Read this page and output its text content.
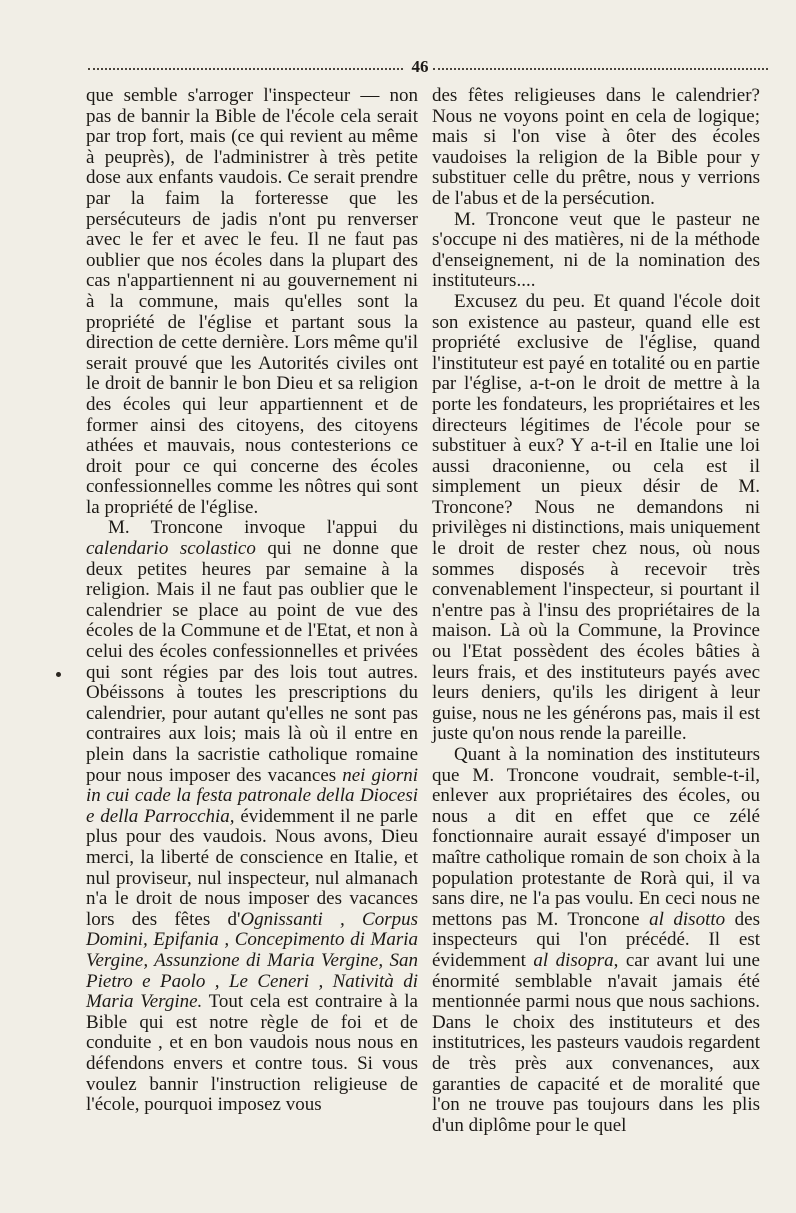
46

que semble s'arroger l'inspecteur — non pas de bannir la Bible de l'école cela serait par trop fort, mais (ce qui revient au même à peuprès), de l'administrer à très petite dose aux enfants vaudois. Ce serait prendre par la faim la forteresse que les persécuteurs de jadis n'ont pu renverser avec le fer et avec le feu. Il ne faut pas oublier que nos écoles dans la plupart des cas n'appartiennent ni au gouvernement ni à la commune, mais qu'elles sont la propriété de l'église et partant sous la direction de cette dernière. Lors même qu'il serait prouvé que les Autorités civiles ont le droit de bannir le bon Dieu et sa religion des écoles qui leur appartiennent et de former ainsi des citoyens, des citoyens athées et mauvais, nous contesterions ce droit pour ce qui concerne des écoles confessionnelles comme les nôtres qui sont la propriété de l'église.

M. Troncone invoque l'appui du calendario scolastico qui ne donne que deux petites heures par semaine à la religion. Mais il ne faut pas oublier que le calendrier se place au point de vue des écoles de la Commune et de l'Etat, et non à celui des écoles confessionnelles et privées qui sont régies par des lois tout autres. Obéissons à toutes les prescriptions du calendrier, pour autant qu'elles ne sont pas contraires aux lois; mais là où il entre en plein dans la sacristie catholique romaine pour nous imposer des vacances nei giorni in cui cade la festa patronale della Diocesi e della Parrocchia, évidemment il ne parle plus pour des vaudois. Nous avons, Dieu merci, la liberté de conscience en Italie, et nul proviseur, nul inspecteur, nul almanach n'a le droit de nous imposer des vacances lors des fêtes d'Ognissanti , Corpus Domini, Epifania , Concepimento di Maria Vergine, Assunzione di Maria Vergine, San Pietro e Paolo , Le Ceneri , Natività di Maria Vergine. Tout cela est contraire à la Bible qui est notre règle de foi et de conduite , et en bon vaudois nous nous en défendons envers et contre tous. Si vous voulez bannir l'instruction religieuse de l'école, pourquoi imposez vous

des fêtes religieuses dans le calendrier? Nous ne voyons point en cela de logique; mais si l'on vise à ôter des écoles vaudoises la religion de la Bible pour y substituer celle du prêtre, nous y verrions de l'abus et de la persécution.

M. Troncone veut que le pasteur ne s'occupe ni des matières, ni de la méthode d'enseignement, ni de la nomination des instituteurs....

Excusez du peu. Et quand l'école doit son existence au pasteur, quand elle est propriété exclusive de l'église, quand l'instituteur est payé en totalité ou en partie par l'église, a-t-on le droit de mettre à la porte les fondateurs, les propriétaires et les directeurs légitimes de l'école pour se substituer à eux? Y a-t-il en Italie une loi aussi draconienne, ou cela est il simplement un pieux désir de M. Troncone? Nous ne demandons ni privilèges ni distinctions, mais uniquement le droit de rester chez nous, où nous sommes disposés à recevoir très convenablement l'inspecteur, si pourtant il n'entre pas à l'insu des propriétaires de la maison. Là où la Commune, la Province ou l'Etat possèdent des écoles bâties à leurs frais, et des instituteurs payés avec leurs deniers, qu'ils les dirigent à leur guise, nous ne les générons pas, mais il est juste qu'on nous rende la pareille.

Quant à la nomination des instituteurs que M. Troncone voudrait, semble-t-il, enlever aux propriétaires des écoles, ou nous a dit en effet que ce zélé fonctionnaire aurait essayé d'imposer un maître catholique romain de son choix à la population protestante de Rorà qui, il va sans dire, ne l'a pas voulu. En ceci nous ne mettons pas M. Troncone al disotto des inspecteurs qui l'on précédé. Il est évidemment al disopra, car avant lui une énormité semblable n'avait jamais été mentionnée parmi nous que nous sachions. Dans le choix des instituteurs et des institutrices, les pasteurs vaudois regardent de très près aux convenances, aux garanties de capacité et de moralité que l'on ne trouve pas toujours dans les plis d'un diplôme pour le quel
